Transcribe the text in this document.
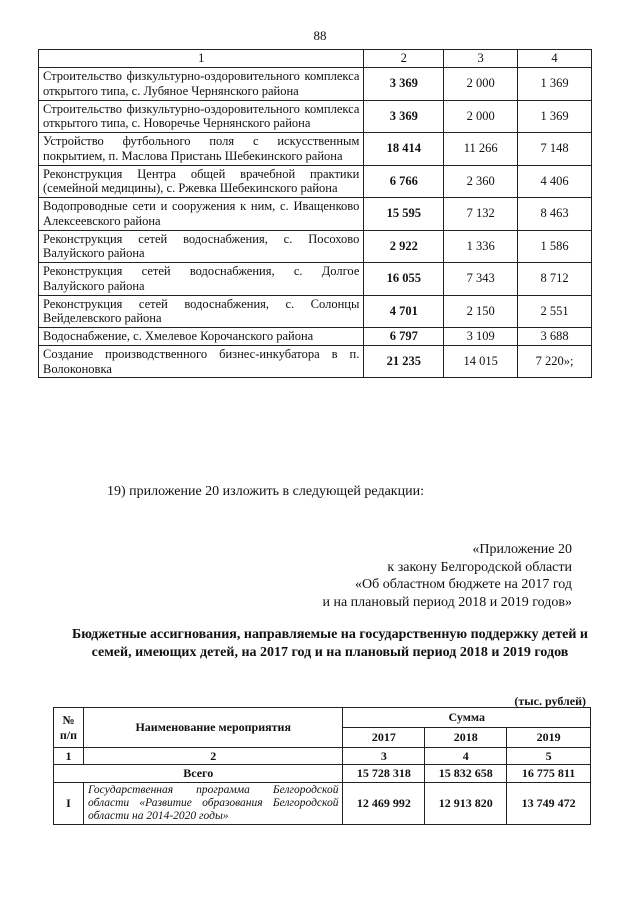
88
1	2	3	4
Строительство физкультурно-оздоровительного комплекса открытого типа, с. Лубяное Чернянского района	3 369	2 000	1 369
Строительство физкультурно-оздоровительного комплекса открытого типа, с. Новоречье Чернянского района	3 369	2 000	1 369
Устройство футбольного поля с искусственным покрытием, п. Маслова Пристань Шебекинского района	18 414	11 266	7 148
Реконструкция Центра общей врачебной практики (семейной медицины), с. Ржевка Шебекинского района	6 766	2 360	4 406
Водопроводные сети и сооружения к ним, с. Иващенково Алексеевского района	15 595	7 132	8 463
Реконструкция сетей водоснабжения, с. Посохово Валуйского района	2 922	1 336	1 586
Реконструкция сетей водоснабжения, с. Долгое Валуйского района	16 055	7 343	8 712
Реконструкция сетей водоснабжения, с. Солонцы Вейделевского района	4 701	2 150	2 551
Водоснабжение, с. Хмелевое Корочанского района	6 797	3 109	3 688
Создание производственного бизнес-инкубатора в п. Волоконовка	21 235	14 015	7 220»;
19) приложение 20 изложить в следующей редакции:
«Приложение 20
к закону Белгородской области
«Об областном бюджете на 2017 год
и на плановый период 2018 и 2019 годов»
Бюджетные ассигнования, направляемые на государственную поддержку детей и семей, имеющих детей, на 2017 год и на плановый период 2018 и 2019 годов
(тыс. рублей)
№ п/п	Наименование мероприятия	Сумма		
		2017	2018	2019
1	2	3	4	5
Всего		15 728 318	15 832 658	16 775 811
I	Государственная программа Белгородской области «Развитие образования Белгородской области на 2014-2020 годы»	12 469 992	12 913 820	13 749 472
